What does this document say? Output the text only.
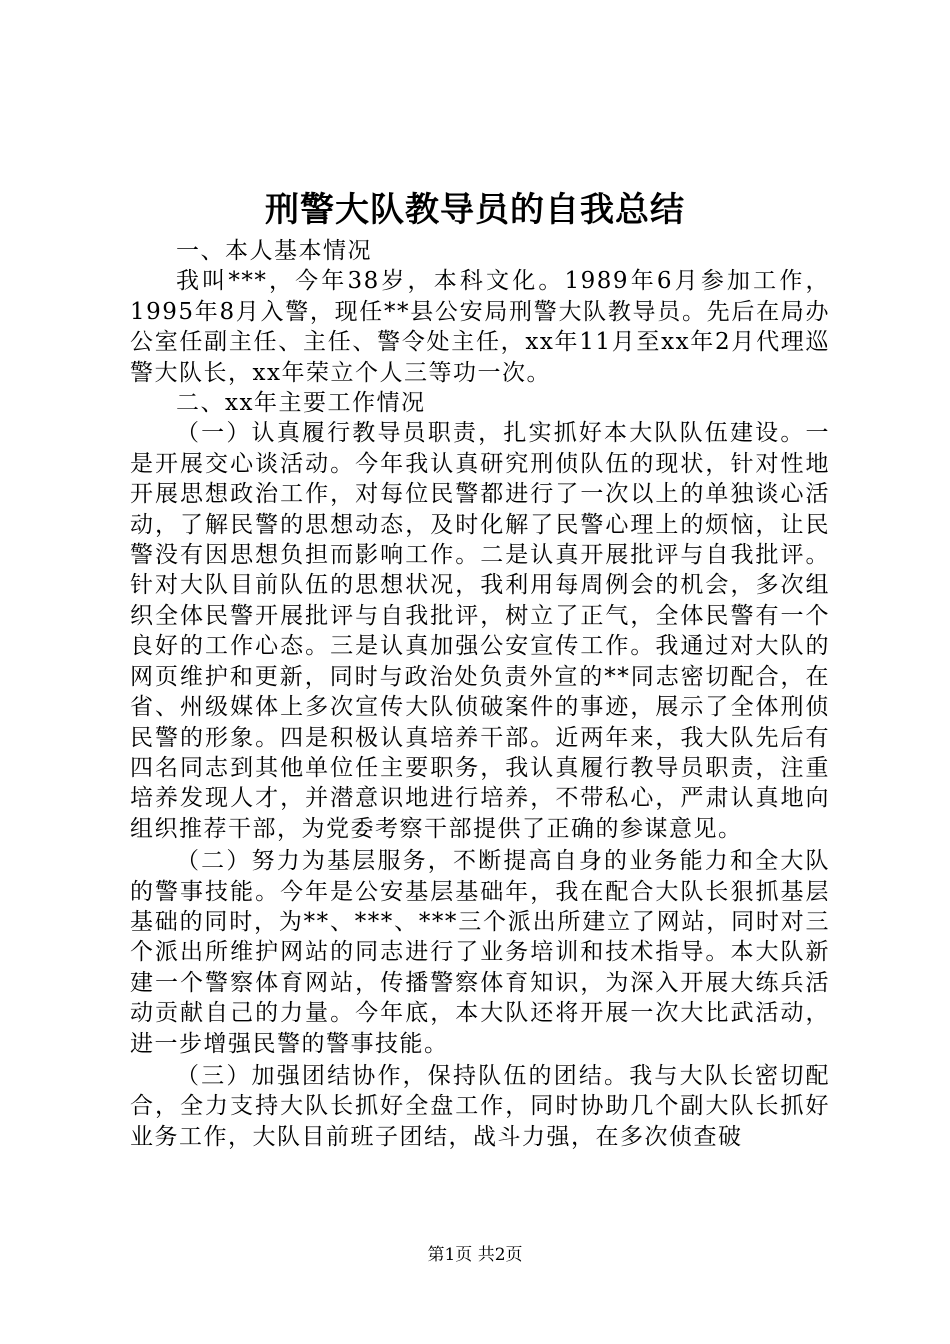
刑警大队教导员的自我总结

一、本人基本情况

我叫***，今年38岁，本科文化。1989年6月参加工作，1995年8月入警，现任**县公安局刑警大队教导员。先后在局办公室任副主任、主任、警令处主任，xx年11月至xx年2月代理巡警大队长，xx年荣立个人三等功一次。

二、xx年主要工作情况

（一）认真履行教导员职责，扎实抓好本大队队伍建设。一是开展交心谈活动。今年我认真研究刑侦队伍的现状，针对性地开展思想政治工作，对每位民警都进行了一次以上的单独谈心活动，了解民警的思想动态，及时化解了民警心理上的烦恼，让民警没有因思想负担而影响工作。二是认真开展批评与自我批评。针对大队目前队伍的思想状况，我利用每周例会的机会，多次组织全体民警开展批评与自我批评，树立了正气，全体民警有一个良好的工作心态。三是认真加强公安宣传工作。我通过对大队的网页维护和更新，同时与政治处负责外宣的**同志密切配合，在省、州级媒体上多次宣传大队侦破案件的事迹，展示了全体刑侦民警的形象。四是积极认真培养干部。近两年来，我大队先后有四名同志到其他单位任主要职务，我认真履行教导员职责，注重培养发现人才，并潜意识地进行培养，不带私心，严肃认真地向组织推荐干部，为党委考察干部提供了正确的参谋意见。

（二）努力为基层服务，不断提高自身的业务能力和全大队的警事技能。今年是公安基层基础年，我在配合大队长狠抓基层基础的同时，为**、***、***三个派出所建立了网站，同时对三个派出所维护网站的同志进行了业务培训和技术指导。本大队新建一个警察体育网站，传播警察体育知识，为深入开展大练兵活动贡献自己的力量。今年底，本大队还将开展一次大比武活动，进一步增强民警的警事技能。

（三）加强团结协作，保持队伍的团结。我与大队长密切配合，全力支持大队长抓好全盘工作，同时协助几个副大队长抓好业务工作，大队目前班子团结，战斗力强，在多次侦查破

第1页 共2页
